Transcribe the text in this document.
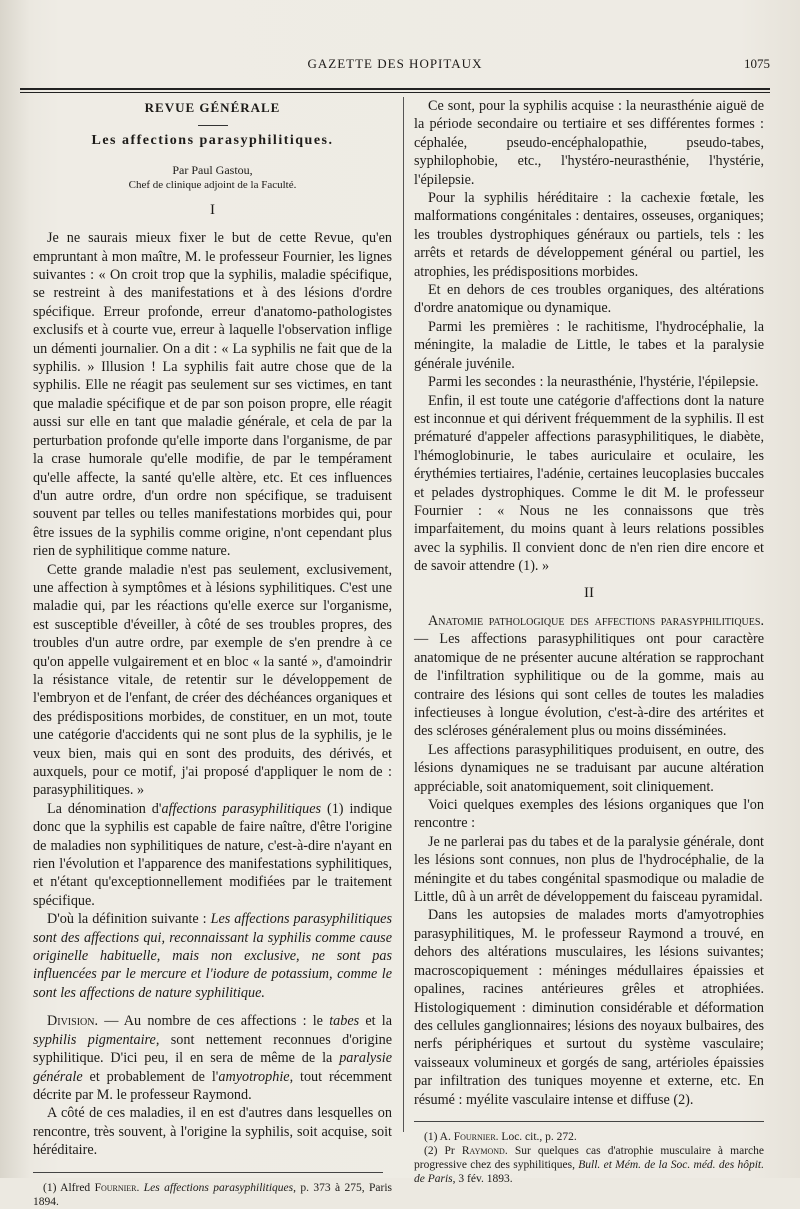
GAZETTE DES HOPITAUX	1075

REVUE GÉNÉRALE

Les affections parasyphilitiques.

Par Paul Gastou,

Chef de clinique adjoint de la Faculté.

I

Je ne saurais mieux fixer le but de cette Revue, qu'en empruntant à mon maître, M. le professeur Fournier, les lignes suivantes : « On croit trop que la syphilis, maladie spécifique, se restreint à des manifestations et à des lésions d'ordre spécifique. Erreur profonde, erreur d'anatomo-pathologistes exclusifs et à courte vue, erreur à laquelle l'observation inflige un démenti journalier. On a dit : « La syphilis ne fait que de la syphilis. » Illusion ! La syphilis fait autre chose que de la syphilis. Elle ne réagit pas seulement sur ses victimes, en tant que maladie spécifique et de par son poison propre, elle réagit aussi sur elle en tant que maladie générale, et cela de par la perturbation profonde qu'elle importe dans l'organisme, de par la crase humorale qu'elle modifie, de par le tempérament qu'elle affecte, la santé qu'elle altère, etc. Et ces influences d'un autre ordre, d'un ordre non spécifique, se traduisent souvent par telles ou telles manifestations morbides qui, pour être issues de la syphilis comme origine, n'ont cependant plus rien de syphilitique comme nature.

Cette grande maladie n'est pas seulement, exclusivement, une affection à symptômes et à lésions syphilitiques. C'est une maladie qui, par les réactions qu'elle exerce sur l'organisme, est susceptible d'éveiller, à côté de ses troubles propres, des troubles d'un autre ordre, par exemple de s'en prendre à ce qu'on appelle vulgairement et en bloc « la santé », d'amoindrir la résistance vitale, de retentir sur le développement de l'embryon et de l'enfant, de créer des déchéances organiques et des prédispositions morbides, de constituer, en un mot, toute une catégorie d'accidents qui ne sont plus de la syphilis, je le veux bien, mais qui en sont des produits, des dérivés, et auxquels, pour ce motif, j'ai proposé d'appliquer le nom de : parasyphilitiques. »

La dénomination d'affections parasyphilitiques (1) indique donc que la syphilis est capable de faire naître, d'être l'origine de maladies non syphilitiques de nature, c'est-à-dire n'ayant en rien l'évolution et l'apparence des manifestations syphilitiques, et n'étant qu'exceptionnellement modifiées par le traitement spécifique.

D'où la définition suivante : Les affections parasyphilitiques sont des affections qui, reconnaissant la syphilis comme cause originelle habituelle, mais non exclusive, ne sont pas influencées par le mercure et l'iodure de potassium, comme le sont les affections de nature syphilitique.

Division. — Au nombre de ces affections : le tabes et la syphilis pigmentaire, sont nettement reconnues d'origine syphilitique. D'ici peu, il en sera de même de la paralysie générale et probablement de l'amyotrophie, tout récemment décrite par M. le professeur Raymond.

A côté de ces maladies, il en est d'autres dans lesquelles on rencontre, très souvent, à l'origine la syphilis, soit acquise, soit héréditaire.

(1) Alfred Fournier. Les affections parasyphilitiques, p. 373 à 275, Paris 1894.

Ce sont, pour la syphilis acquise : la neurasthénie aiguë de la période secondaire ou tertiaire et ses différentes formes : céphalée, pseudo-encéphalopathie, pseudo-tabes, syphilophobie, etc., l'hystéro-neurasthénie, l'hystérie, l'épilepsie.

Pour la syphilis héréditaire : la cachexie fœtale, les malformations congénitales : dentaires, osseuses, organiques; les troubles dystrophiques généraux ou partiels, tels : les arrêts et retards de développement général ou partiel, les atrophies, les prédispositions morbides.

Et en dehors de ces troubles organiques, des altérations d'ordre anatomique ou dynamique.

Parmi les premières : le rachitisme, l'hydrocéphalie, la méningite, la maladie de Little, le tabes et la paralysie générale juvénile.

Parmi les secondes : la neurasthénie, l'hystérie, l'épilepsie.

Enfin, il est toute une catégorie d'affections dont la nature est inconnue et qui dérivent fréquemment de la syphilis. Il est prématuré d'appeler affections parasyphilitiques, le diabète, l'hémoglobinurie, le tabes auriculaire et oculaire, les érythémies tertiaires, l'adénie, certaines leucoplasies buccales et pelades dystrophiques. Comme le dit M. le professeur Fournier : « Nous ne les connaissons que très imparfaitement, du moins quant à leurs relations possibles avec la syphilis. Il convient donc de n'en rien dire encore et de savoir attendre (1). »

II

Anatomie pathologique des affections parasyphilitiques. — Les affections parasyphilitiques ont pour caractère anatomique de ne présenter aucune altération se rapprochant de l'infiltration syphilitique ou de la gomme, mais au contraire des lésions qui sont celles de toutes les maladies infectieuses à longue évolution, c'est-à-dire des artérites et des scléroses généralement plus ou moins disséminées.

Les affections parasyphilitiques produisent, en outre, des lésions dynamiques ne se traduisant par aucune altération appréciable, soit anatomiquement, soit cliniquement.

Voici quelques exemples des lésions organiques que l'on rencontre :

Je ne parlerai pas du tabes et de la paralysie générale, dont les lésions sont connues, non plus de l'hydrocéphalie, de la méningite et du tabes congénital spasmodique ou maladie de Little, dû à un arrêt de développement du faisceau pyramidal.

Dans les autopsies de malades morts d'amyotrophies parasyphilitiques, M. le professeur Raymond a trouvé, en dehors des altérations musculaires, les lésions suivantes; macroscopiquement : méninges médullaires épaissies et opalines, racines antérieures grêles et atrophiées. Histologiquement : diminution considérable et déformation des cellules ganglionnaires; lésions des noyaux bulbaires, des nerfs périphériques et surtout du système vasculaire; vaisseaux volumineux et gorgés de sang, artérioles épaissies par infiltration des tuniques moyenne et externe, etc. En résumé : myélite vasculaire intense et diffuse (2).

(1) A. Fournier. Loc. cit., p. 272.

(2) Pr Raymond. Sur quelques cas d'atrophie musculaire à marche progressive chez des syphilitiques, Bull. et Mém. de la Soc. méd. des hôpit. de Paris, 3 fév. 1893.
